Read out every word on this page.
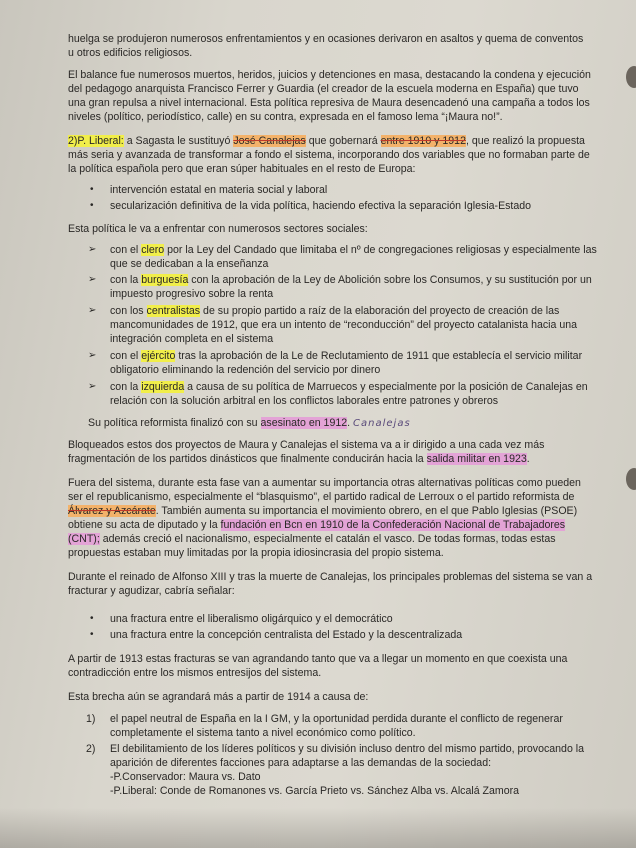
huelga se produjeron numerosos enfrentamientos y en ocasiones derivaron en asaltos y quema de conventos
u otros edificios religiosos.
El balance fue numerosos muertos, heridos, juicios y detenciones en masa, destacando la condena y ejecución
del pedagogo anarquista Francisco Ferrer y Guardia (el creador de la escuela moderna en España) que tuvo
una gran repulsa a nivel internacional. Esta política represiva de Maura desencadenó una campaña a todos los
niveles (político, periodístico, calle) en su contra, expresada en el famoso lema “¡Maura no!”.
2)P. Liberal: a Sagasta le sustituyó José Canalejas que gobernará entre 1910 y 1912, que realizó la propuesta
más seria y avanzada de transformar a fondo el sistema, incorporando dos variables que no formaban parte de
la política española pero que eran súper habituales en el resto de Europa:
• intervención estatal en materia social y laboral
• secularización definitiva de la vida política, haciendo efectiva la separación Iglesia-Estado
Esta política le va a enfrentar con numerosos sectores sociales:
➢ con el clero por la Ley del Candado que limitaba el nº de congregaciones religiosas y especialmente las
que se dedicaban a la enseñanza
➢ con la burguesía con la aprobación de la Ley de Abolición sobre los Consumos, y su sustitución por un
impuesto progresivo sobre la renta
➢ con los centralistas de su propio partido a raíz de la elaboración del proyecto de creación de las
mancomunidades de 1912, que era un intento de “reconducción” del proyecto catalanista hacia una
integración completa en el sistema
➢ con el ejército tras la aprobación de la Le de Reclutamiento de 1911 que establecía el servicio militar
obligatorio eliminando la redención del servicio por dinero
➢ con la izquierda a causa de su política de Marruecos y especialmente por la posición de Canalejas en
relación con la solución arbitral en los conflictos laborales entre patrones y obreros
Su política reformista finalizó con su asesinato en 1912. Canalejas
Bloqueados estos dos proyectos de Maura y Canalejas el sistema va a ir dirigido a una cada vez más
fragmentación de los partidos dinásticos que finalmente conducirán hacia la salida militar en 1923.
Fuera del sistema, durante esta fase van a aumentar su importancia otras alternativas políticas como pueden
ser el republicanismo, especialmente el “blasquismo”, el partido radical de Lerroux o el partido reformista de
Álvarez y Azcárate. También aumenta su importancia el movimiento obrero, en el que Pablo Iglesias (PSOE)
obtiene su acta de diputado y la fundación en Bcn en 1910 de la Confederación Nacional de Trabajadores
(CNT); además creció el nacionalismo, especialmente el catalán el vasco. De todas formas, todas estas
propuestas estaban muy limitadas por la propia idiosincrasia del propio sistema.
Durante el reinado de Alfonso XIII y tras la muerte de Canalejas, los principales problemas del sistema se van a
fracturar y agudizar, cabría señalar:
• una fractura entre el liberalismo oligárquico y el democrático
• una fractura entre la concepción centralista del Estado y la descentralizada
A partir de 1913 estas fracturas se van agrandando tanto que va a llegar un momento en que coexista una
contradicción entre los mismos entresijos del sistema.
Esta brecha aún se agrandará más a partir de 1914 a causa de:
1) el papel neutral de España en la I GM, y la oportunidad perdida durante el conflicto de regenerar
completamente el sistema tanto a nivel económico como político.
2) El debilitamiento de los líderes políticos y su división incluso dentro del mismo partido, provocando la
aparición de diferentes facciones para adaptarse a las demandas de la sociedad:
-P.Conservador: Maura vs. Dato
-P.Liberal: Conde de Romanones vs. García Prieto vs. Sánchez Alba vs. Alcalá Zamora
